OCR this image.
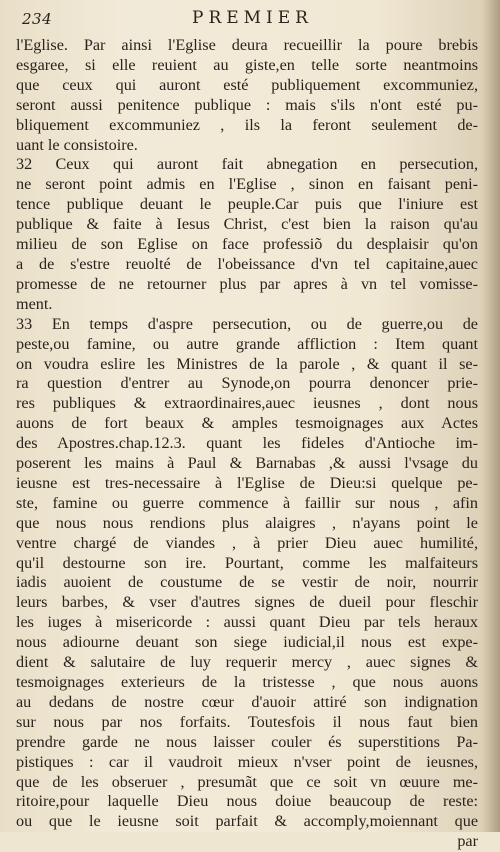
234	PREMIER
l'Eglise. Par ainsi l'Eglise deura recueillir la poure brebis
esgaree, si elle reuient au giste,en telle sorte neantmoins
que ceux qui auront esté publiquement excommuniez,
seront aussi penitence publique : mais s'ils n'ont esté pu-
bliquement excommuniez , ils la feront seulement de-
uant le consistoire.
32 Ceux qui auront fait abnegation en persecution,
ne seront point admis en l'Eglise , sinon en faisant peni-
tence publique deuant le peuple.Car puis que l'iniure est
publique & faite à Iesus Christ, c'est bien la raison qu'au
milieu de son Eglise on face professiõ du desplaisir qu'on
a de s'estre reuolté de l'obeissance d'vn tel capitaine,auec
promesse de ne retourner plus par apres à vn tel vomisse-
ment.
33 En temps d'aspre persecution, ou de guerre,ou de
peste,ou famine, ou autre grande affliction : Item quant
on voudra eslire les Ministres de la parole , & quant il se-
ra question d'entrer au Synode,on pourra denoncer prie-
res publiques & extraordinaires,auec ieusnes , dont nous
auons de fort beaux & amples tesmoignages aux Actes
des Apostres.chap.12.3. quant les fideles d'Antioche im-
poserent les mains à Paul & Barnabas ,& aussi l'vsage du
ieusne est tres-necessaire à l'Eglise de Dieu:si quelque pe-
ste, famine ou guerre commence à faillir sur nous , afin
que nous nous rendions plus alaigres , n'ayans point le
ventre chargé de viandes , à prier Dieu auec humilité,
qu'il destourne son ire. Pourtant, comme les malfaiteurs
iadis auoient de coustume de se vestir de noir, nourrir
leurs barbes, & vser d'autres signes de dueil pour fleschir
les iuges à misericorde : aussi quant Dieu par tels heraux
nous adiourne deuant son siege iudicial,il nous est expe-
dient & salutaire de luy requerir mercy , auec signes &
tesmoignages exterieurs de la tristesse , que nous auons
au dedans de nostre cœur d'auoir attiré son indignation
sur nous par nos forfaits. Toutesfois il nous faut bien
prendre garde ne nous laisser couler és superstitions Pa-
pistiques : car il vaudroit mieux n'vser point de ieusnes,
que de les obseruer , presumãt que ce soit vn œuure me-
ritoire,pour laquelle Dieu nous doiue beaucoup de reste:
ou que le ieusne soit parfait & accomply,moiennant que
par
